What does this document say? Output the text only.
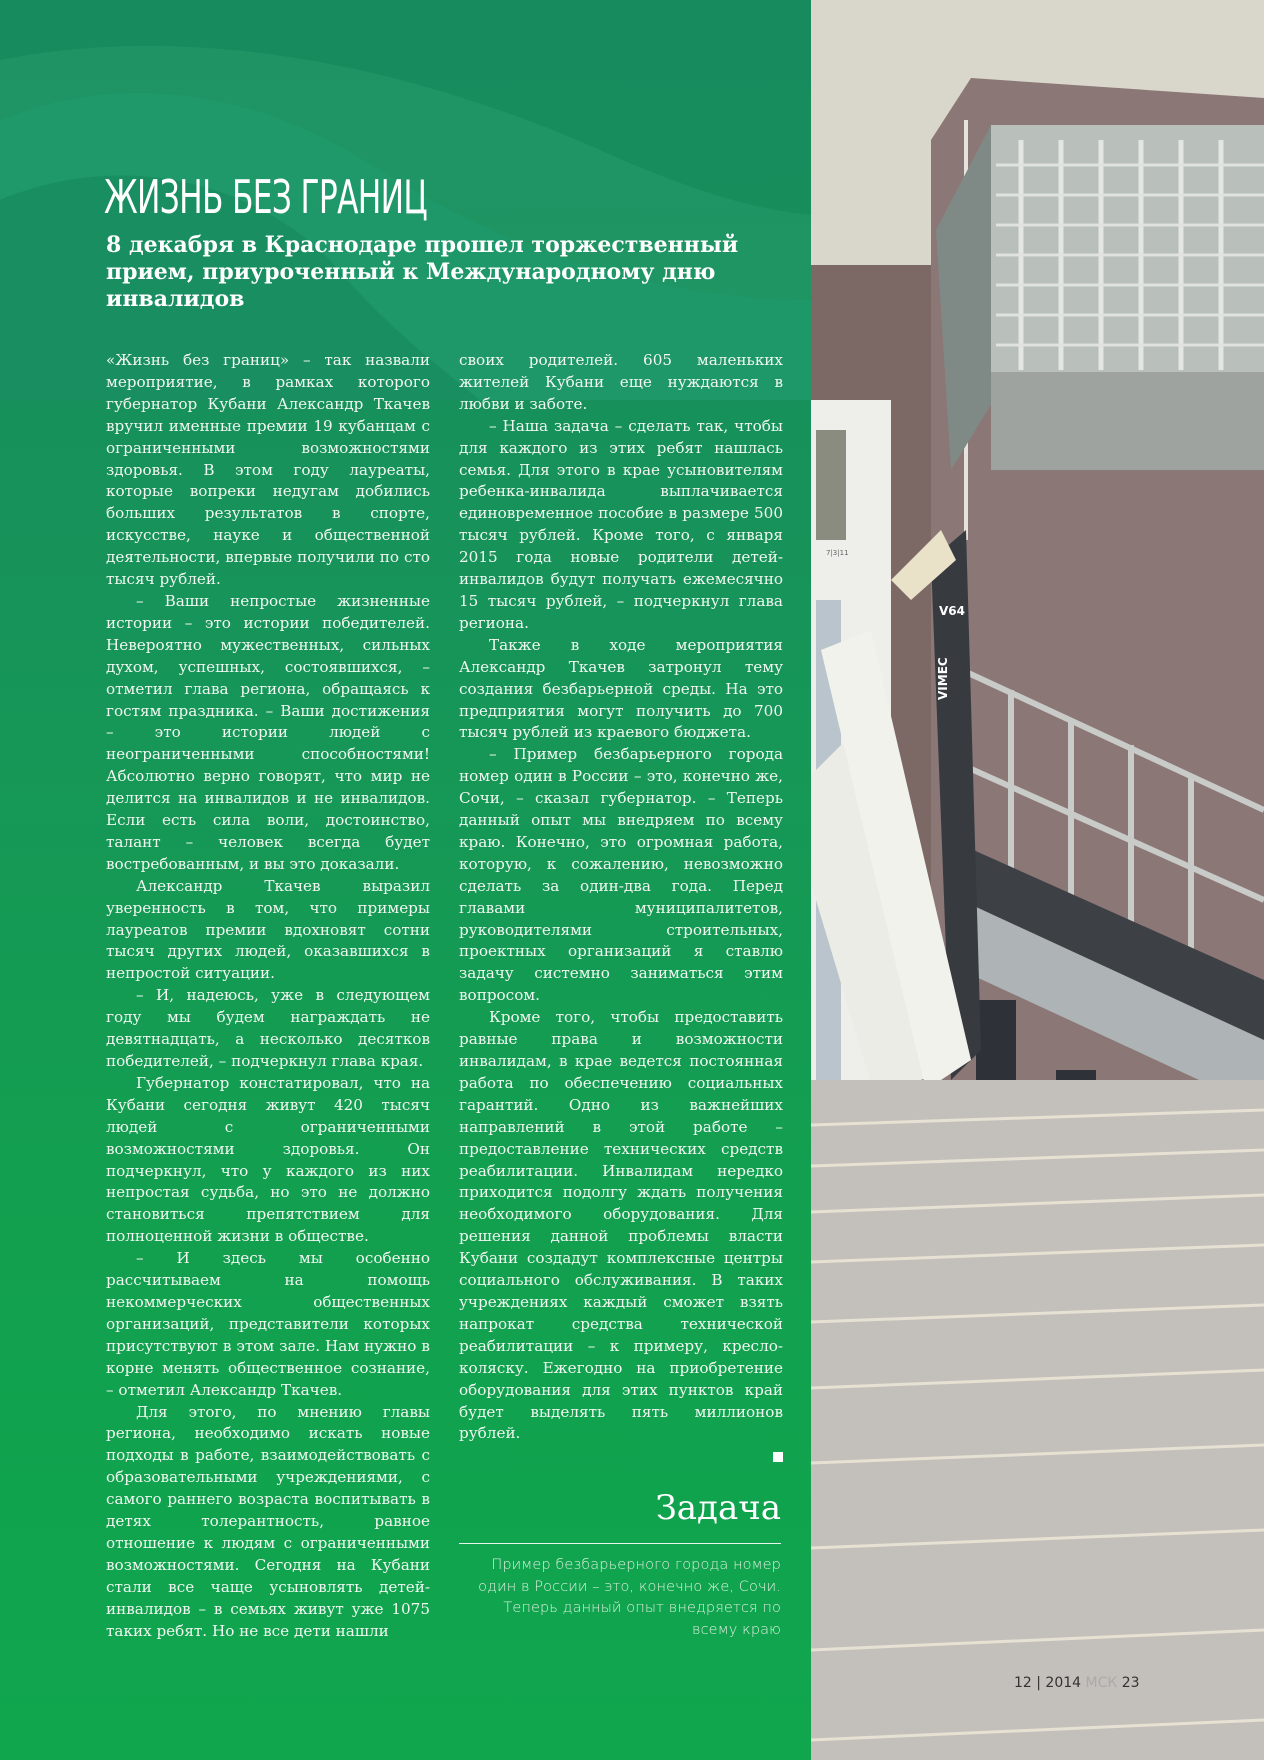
ЖИЗНЬ БЕЗ ГРАНИЦ
8 декабря в Краснодаре прошел торжественный прием, приуроченный к Международному дню инвалидов

«Жизнь без границ» – так назвали мероприятие, в рамках которого губернатор Кубани Александр Ткачев вручил именные премии 19 кубанцам с ограниченными возможностями здоровья. В этом году лауреаты, которые вопреки недугам добились больших результатов в спорте, искусстве, науке и общественной деятельности, впервые получили по сто тысяч рублей.

– Ваши непростые жизненные истории – это истории победителей. Невероятно мужественных, сильных духом, успешных, состоявшихся, – отметил глава региона, обращаясь к гостям праздника. – Ваши достижения – это истории людей с неограниченными способностями! Абсолютно верно говорят, что мир не делится на инвалидов и не инвалидов. Если есть сила воли, достоинство, талант – человек всегда будет востребованным, и вы это доказали.

Александр Ткачев выразил уверенность в том, что примеры лауреатов премии вдохновят сотни тысяч других людей, оказавшихся в непростой ситуации.

– И, надеюсь, уже в следующем году мы будем награждать не девятнадцать, а несколько десятков победителей, – подчеркнул глава края.

Губернатор констатировал, что на Кубани сегодня живут 420 тысяч людей с ограниченными возможностями здоровья. Он подчеркнул, что у каждого из них непростая судьба, но это не должно становиться препятствием для полноценной жизни в обществе.

– И здесь мы особенно рассчитываем на помощь некоммерческих общественных организаций, представители которых присутствуют в этом зале. Нам нужно в корне менять общественное сознание, – отметил Александр Ткачев.

Для этого, по мнению главы региона, необходимо искать новые подходы в работе, взаимодействовать с образовательными учреждениями, с самого раннего возраста воспитывать в детях толерантность, равное отношение к людям с ограниченными возможностями. Сегодня на Кубани стали все чаще усыновлять детей-инвалидов – в семьях живут уже 1075 таких ребят. Но не все дети нашли

своих родителей. 605 маленьких жителей Кубани еще нуждаются в любви и заботе.

– Наша задача – сделать так, чтобы для каждого из этих ребят нашлась семья. Для этого в крае усыновителям ребенка-инвалида выплачивается единовременное пособие в размере 500 тысяч рублей. Кроме того, с января 2015 года новые родители детей-инвалидов будут получать ежемесячно 15 тысяч рублей, – подчеркнул глава региона.

Также в ходе мероприятия Александр Ткачев затронул тему создания безбарьерной среды. На это предприятия могут получить до 700 тысяч рублей из краевого бюджета.

– Пример безбарьерного города номер один в России – это, конечно же, Сочи, – сказал губернатор. – Теперь данный опыт мы внедряем по всему краю. Конечно, это огромная работа, которую, к сожалению, невозможно сделать за один-два года. Перед главами муниципалитетов, руководителями строительных, проектных организаций я ставлю задачу системно заниматься этим вопросом.

Кроме того, чтобы предоставить равные права и возможности инвалидам, в крае ведется постоянная работа по обеспечению социальных гарантий. Одно из важнейших направлений в этой работе – предоставление технических средств реабилитации. Инвалидам нередко приходится подолгу ждать получения необходимого оборудования. Для решения данной проблемы власти Кубани создадут комплексные центры социального обслуживания. В таких учреждениях каждый сможет взять напрокат средства технической реабилитации – к примеру, кресло-коляску. Ежегодно на приобретение оборудования для этих пунктов край будет выделять пять миллионов рублей.

Задача
Пример безбарьерного города номер один в России – это, конечно же, Сочи. Теперь данный опыт внедряется по всему краю
7|3|11
V64
VIMEC
12 | 2014 МСК 23
